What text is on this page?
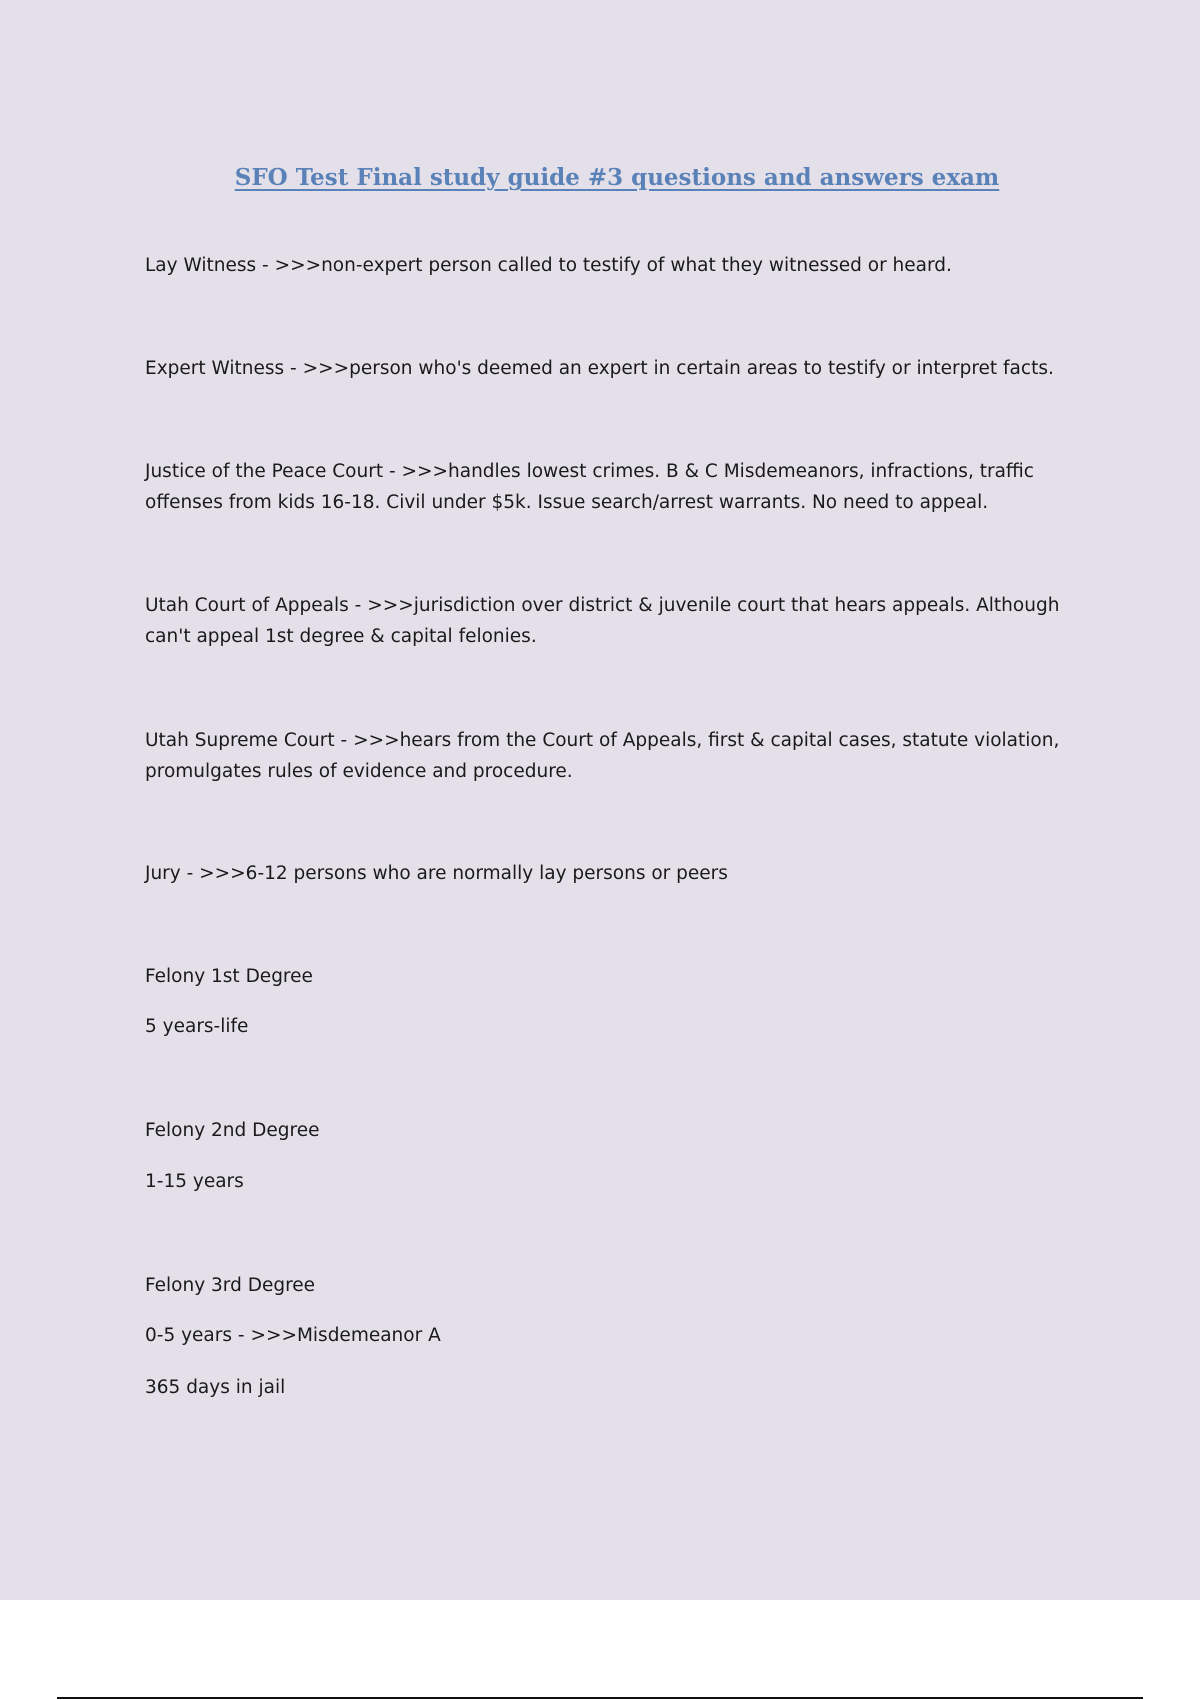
SFO Test Final study guide #3 questions and answers exam

Lay Witness - >>>non-expert person called to testify of what they witnessed or heard.

Expert Witness - >>>person who's deemed an expert in certain areas to testify or interpret facts.

Justice of the Peace Court - >>>handles lowest crimes. B & C Misdemeanors, infractions, traffic offenses from kids 16-18. Civil under $5k. Issue search/arrest warrants. No need to appeal.

Utah Court of Appeals - >>>jurisdiction over district & juvenile court that hears appeals. Although can't appeal 1st degree & capital felonies.

Utah Supreme Court - >>>hears from the Court of Appeals, first & capital cases, statute violation, promulgates rules of evidence and procedure.

Jury - >>>6-12 persons who are normally lay persons or peers

Felony 1st Degree

5 years-life

Felony 2nd Degree

1-15 years

Felony 3rd Degree

0-5 years - >>>Misdemeanor A

365 days in jail
